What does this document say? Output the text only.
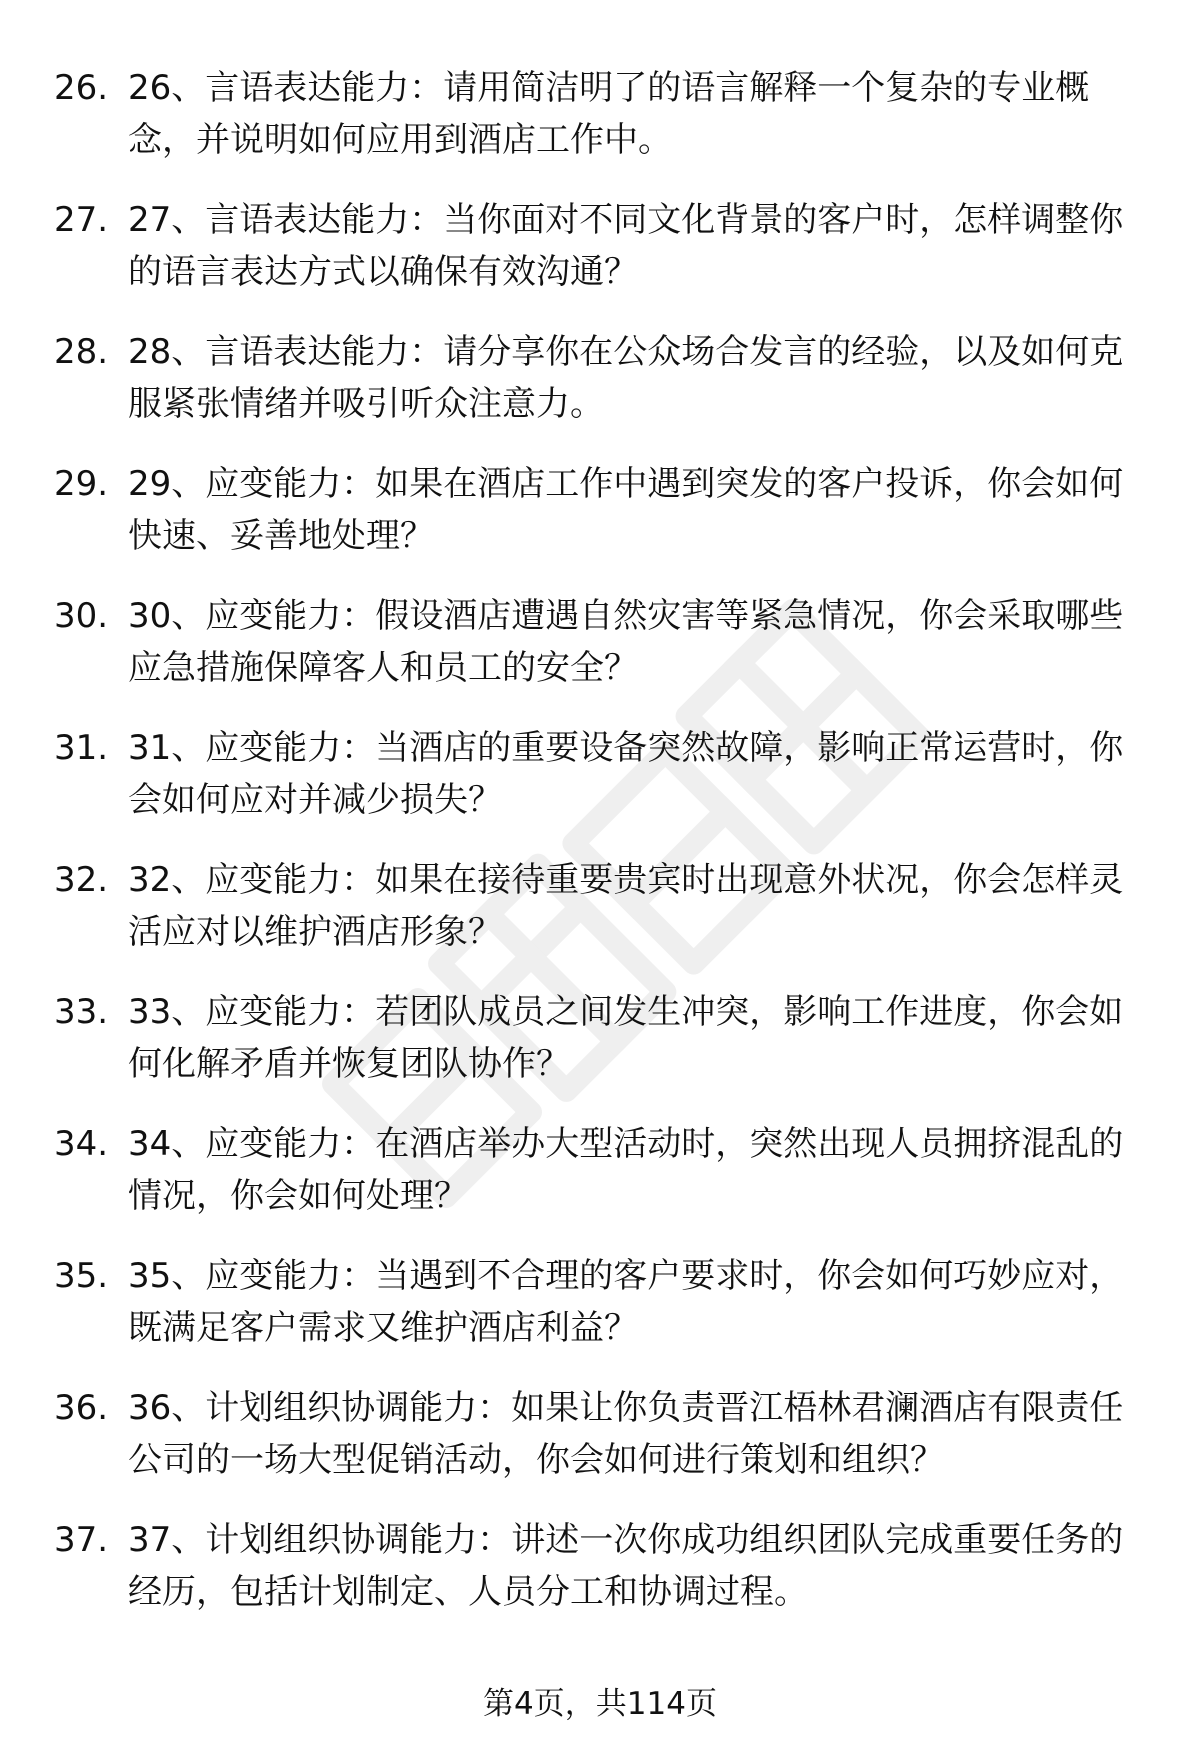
26. 26、言语表达能力：请用简洁明了的语言解释一个复杂的专业概念，并说明如何应用到酒店工作中。
27. 27、言语表达能力：当你面对不同文化背景的客户时，怎样调整你的语言表达方式以确保有效沟通？
28. 28、言语表达能力：请分享你在公众场合发言的经验，以及如何克服紧张情绪并吸引听众注意力。
29. 29、应变能力：如果在酒店工作中遇到突发的客户投诉，你会如何快速、妥善地处理？
30. 30、应变能力：假设酒店遭遇自然灾害等紧急情况，你会采取哪些应急措施保障客人和员工的安全？
31. 31、应变能力：当酒店的重要设备突然故障，影响正常运营时，你会如何应对并减少损失？
32. 32、应变能力：如果在接待重要贵宾时出现意外状况，你会怎样灵活应对以维护酒店形象？
33. 33、应变能力：若团队成员之间发生冲突，影响工作进度，你会如何化解矛盾并恢复团队协作？
34. 34、应变能力：在酒店举办大型活动时，突然出现人员拥挤混乱的情况，你会如何处理？
35. 35、应变能力：当遇到不合理的客户要求时，你会如何巧妙应对，既满足客户需求又维护酒店利益？
36. 36、计划组织协调能力：如果让你负责晋江梧林君澜酒店有限责任公司的一场大型促销活动，你会如何进行策划和组织？
37. 37、计划组织协调能力：讲述一次你成功组织团队完成重要任务的经历，包括计划制定、人员分工和协调过程。
第4页，共114页
